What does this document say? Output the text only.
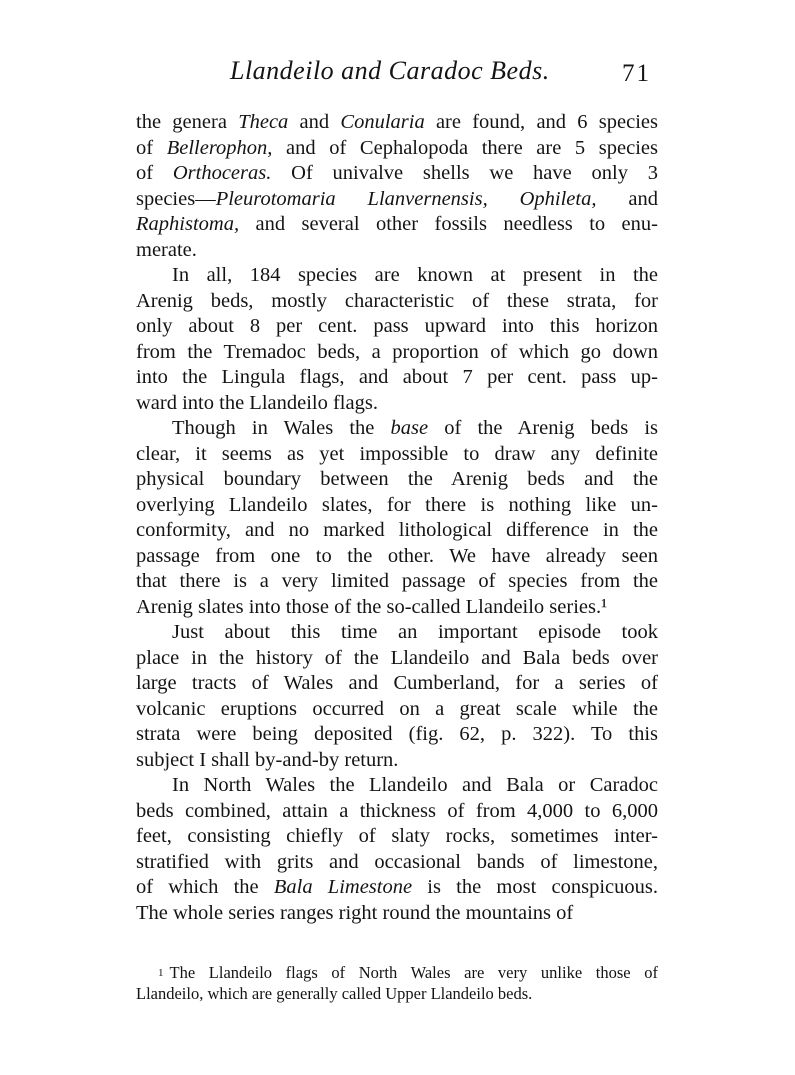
Llandeilo and Caradoc Beds.	71
the genera Theca and Conularia are found, and 6 species
of Bellerophon, and of Cephalopoda there are 5 species
of Orthoceras. Of univalve shells we have only 3
species—Pleurotomaria Llanvernensis, Ophileta, and
Raphistoma, and several other fossils needless to enu-
merate.
In all, 184 species are known at present in the
Arenig beds, mostly characteristic of these strata, for
only about 8 per cent. pass upward into this horizon
from the Tremadoc beds, a proportion of which go down
into the Lingula flags, and about 7 per cent. pass up-
ward into the Llandeilo flags.
Though in Wales the base of the Arenig beds is
clear, it seems as yet impossible to draw any definite
physical boundary between the Arenig beds and the
overlying Llandeilo slates, for there is nothing like un-
conformity, and no marked lithological difference in the
passage from one to the other. We have already seen
that there is a very limited passage of species from the
Arenig slates into those of the so-called Llandeilo series.¹
Just about this time an important episode took
place in the history of the Llandeilo and Bala beds over
large tracts of Wales and Cumberland, for a series of
volcanic eruptions occurred on a great scale while the
strata were being deposited (fig. 62, p. 322). To this
subject I shall by-and-by return.
In North Wales the Llandeilo and Bala or Caradoc
beds combined, attain a thickness of from 4,000 to 6,000
feet, consisting chiefly of slaty rocks, sometimes inter-
stratified with grits and occasional bands of limestone,
of which the Bala Limestone is the most conspicuous.
The whole series ranges right round the mountains of
$^1$ The Llandeilo flags of North Wales are very unlike those of
Llandeilo, which are generally called Upper Llandeilo beds.
